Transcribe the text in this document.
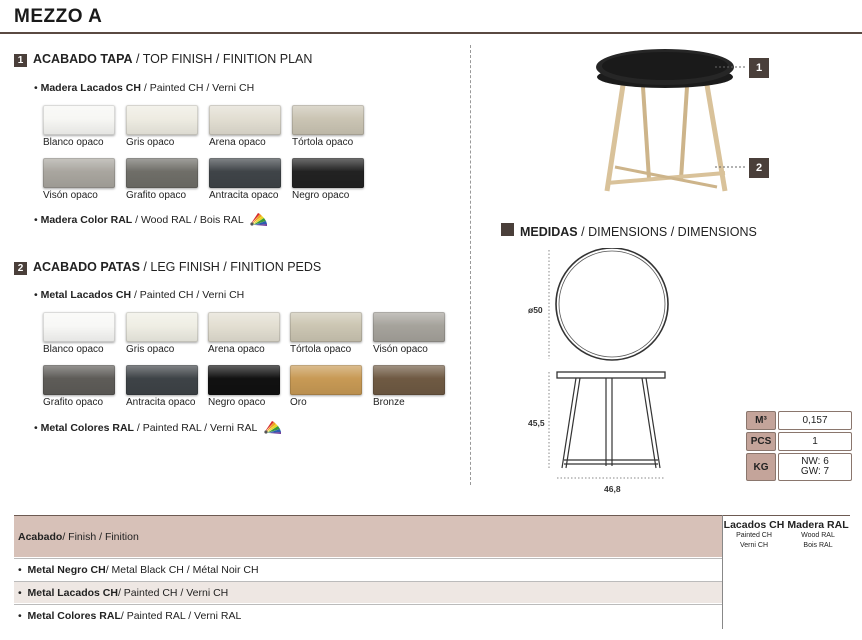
MEZZO A
1 ACABADO TAPA / TOP FINISH / FINITION PLAN
• Madera Lacados CH / Painted CH / Verni CH
Blanco opaco Gris opaco	Arena opaco	Tórtola opaco
Visón opaco	Grafito opaco Antracita opaco Negro opaco
• Madera Color RAL / Wood RAL / Bois RAL
2 ACABADO PATAS / LEG FINISH / FINITION PEDS
• Metal Lacados CH / Painted CH / Verni CH
Blanco opaco Gris opaco	Arena opaco	Tórtola opaco Visón opaco
Grafito opaco Antracita opaco Negro opaco Oro	Bronze
• Metal Colores RAL / Painted RAL / Verni RAL
1
2
MEDIDAS / DIMENSIONS / DIMENSIONS
ø50
45,5
46,8
M³	0,157
PCS	1
KG	NW: 6
GW: 7
Acabado / Finish / Finition
Lacados CH
Painted CH
Verni CH
Madera RAL
Wood RAL
Bois RAL
• Metal Negro CH / Metal Black CH / Métal Noir CH
• Metal Lacados CH / Painted CH / Verni CH
• Metal Colores RAL / Painted RAL / Verni RAL
